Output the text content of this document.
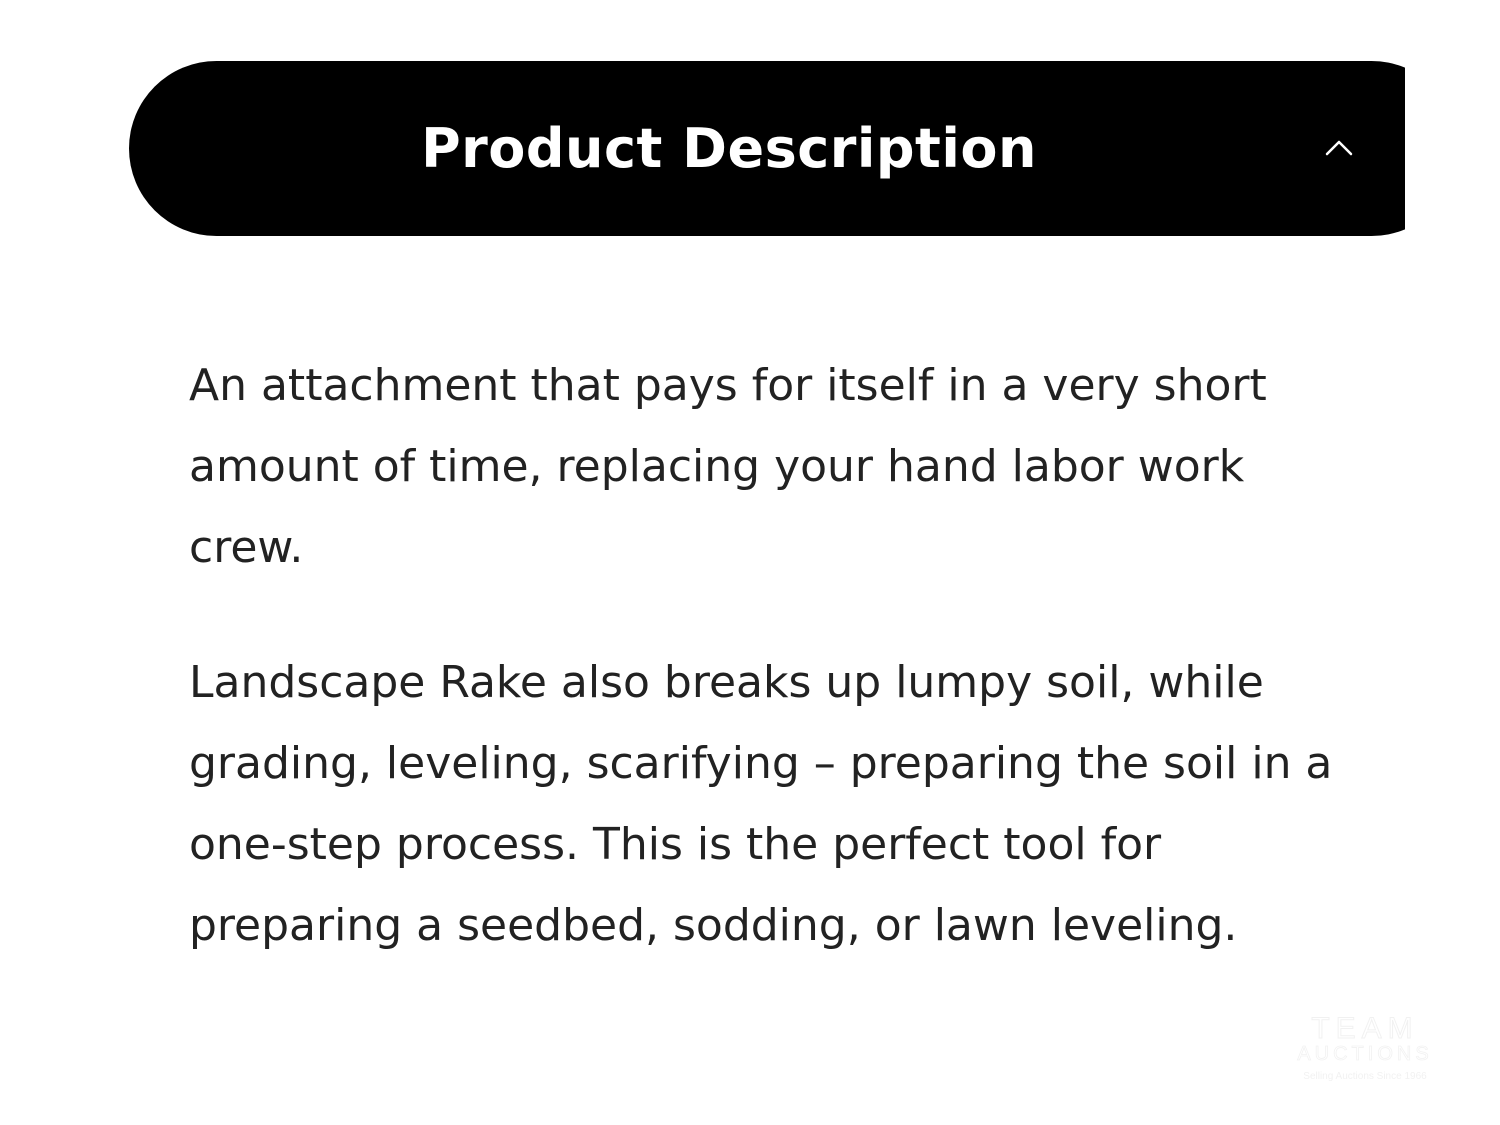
Product Description

An attachment that pays for itself in a very short amount of time, replacing your hand labor work crew.

Landscape Rake also breaks up lumpy soil, while grading, leveling, scarifying – preparing the soil in a one-step process. This is the perfect tool for preparing a seedbed, sodding, or lawn leveling.

TEAM
AUCTIONS
Selling Auctions Since 1966
